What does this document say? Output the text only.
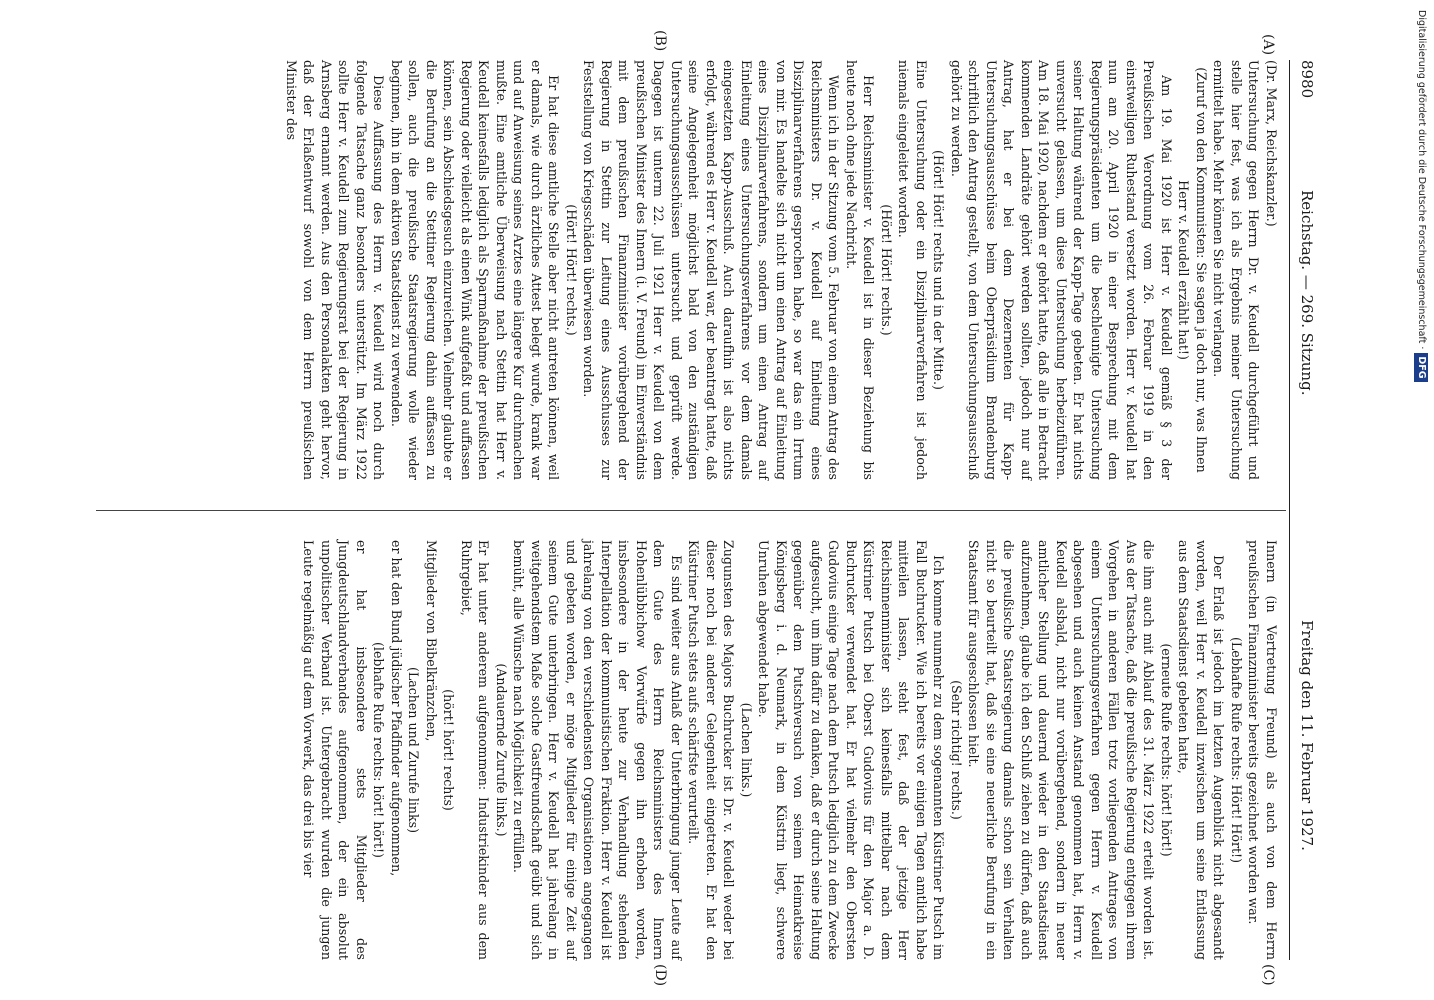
8980
Reichstag. — 269. Sitzung.
Freitag den 11. Februar 1927.
(A)
(B)
(C)
(D)

(Dr. Marx, Reichskanzler.)

Untersuchung gegen Herrn Dr. v. Keudell durchgeführt und stelle hier fest, was ich als Ergebnis meiner Untersuchung ermittelt habe. Mehr können Sie nicht verlangen.

(Zuruf von den Kommunisten: Sie sagen ja doch nur, was Ihnen Herr v. Keudell erzählt hat!)

Am 19. Mai 1920 ist Herr v. Keudell gemäß § 3 der Preußischen Verordnung vom 26. Februar 1919 in den einstweiligen Ruhestand versetzt worden. Herr v. Keudell hat nun am 20. April 1920 in einer Besprechung mit dem Regierungspräsidenten um die beschleunigte Untersuchung seiner Haltung während der Kapp-Tage gebeten. Er hat nichts unversucht gelassen, um diese Untersuchung herbeizuführen. Am 18. Mai 1920, nachdem er gehört hatte, daß alle in Betracht kommenden Landräte gehört werden sollten, jedoch nur auf Antrag, hat er bei dem Dezernenten für Kapp-Untersuchungsausschüsse beim Oberpräsidium Brandenburg schriftlich den Antrag gestellt, von dem Untersuchungsausschuß gehört zu werden.

(Hört! Hört! rechts und in der Mitte.)

Eine Untersuchung oder ein Disziplinarverfahren ist jedoch niemals eingeleitet worden.

(Hört! Hört! rechts.)

Herr Reichsminister v. Keudell ist in dieser Beziehung bis heute noch ohne jede Nachricht.

Wenn ich in der Sitzung vom 5. Februar von einem Antrag des Reichsministers Dr. v. Keudell auf Einleitung eines Disziplinarverfahrens gesprochen habe, so war das ein Irrtum von mir. Es handelte sich nicht um einen Antrag auf Einleitung eines Disziplinarverfahrens, sondern um einen Antrag auf Einleitung eines Untersuchungsverfahrens vor dem damals eingesetzten Kapp-Ausschuß. Auch daraufhin ist also nichts erfolgt, während es Herr v. Keudell war, der beantragt hatte, daß seine Angelegenheit möglichst bald von den zuständigen Untersuchungsausschüssen untersucht und geprüft werde. Dagegen ist unterm 22. Juli 1921 Herr v. Keudell von dem preußischen Minister des Innern (i. V. Freund) im Einverständnis mit dem preußischen Finanzminister vorübergehend der Regierung in Stettin zur Leitung eines Ausschusses zur Feststellung von Kriegsschäden überwiesen worden.

(Hört! Hört! rechts.)

Er hat diese amtliche Stelle aber nicht antreten können, weil er damals, wie durch ärztliches Attest belegt wurde, krank war und auf Anweisung seines Arztes eine längere Kur durchmachen mußte. Eine amtliche Überweisung nach Stettin hat Herr v. Keudell keinesfalls lediglich als Sparmaßnahme der preußischen Regierung oder vielleicht als einen Wink aufgefaßt und auffassen können, sein Abschiedsgesuch einzureichen. Vielmehr glaubte er die Berufung an die Stettiner Regierung dahin auffassen zu sollen, auch die preußische Staatsregierung wolle wieder beginnen, ihn in dem aktiven Staatsdienst zu verwenden.

Diese Auffassung des Herrn v. Keudell wird noch durch folgende Tatsache ganz besonders unterstützt. Im März 1922 sollte Herr v. Keudell zum Regierungsrat bei der Regierung in Arnsberg ernannt werden. Aus den Personalakten geht hervor, daß der Erlaßentwurf sowohl von dem Herrn preußischen Minister des

Innern (in Vertretung Freund) als auch von dem Herrn preußischen Finanzminister bereits gezeichnet worden war.

(Lebhafte Rufe rechts: Hört! Hört!)

Der Erlaß ist jedoch im letzten Augenblick nicht abgesandt worden, weil Herr v. Keudell inzwischen um seine Entlassung aus dem Staatsdienst gebeten hatte,

(erneute Rufe rechts: hört! hört!)

die ihm auch mit Ablauf des 31. März 1922 erteilt worden ist. Aus der Tatsache, daß die preußische Regierung entgegen ihrem Vorgehen in anderen Fällen trotz vorliegenden Antrages von einem Untersuchungsverfahren gegen Herrn v. Keudell abgesehen und auch keinen Anstand genommen hat, Herrn v. Keudell alsbald, nicht nur vorübergehend, sondern in neuer amtlicher Stellung und dauernd wieder in den Staatsdienst aufzunehmen, glaube ich den Schluß ziehen zu dürfen, daß auch die preußische Staatsregierung damals schon sein Verhalten nicht so beurteilt hat, daß sie eine neuerliche Berufung in ein Staatsamt für ausgeschlossen hielt.

(Sehr richtig! rechts.)

Ich komme nunmehr zu dem sogenannten Küstriner Putsch im Fall Buchrucker. Wie ich bereits vor einigen Tagen amtlich habe mitteilen lassen, steht fest, daß der jetzige Herr Reichsinnenminister sich keinesfalls mittelbar nach dem Küstriner Putsch bei Oberst Gudovius für den Major a. D. Buchrucker verwendet hat. Er hat vielmehr den Obersten Gudovius einige Tage nach dem Putsch lediglich zu dem Zwecke aufgesucht, um ihm dafür zu danken, daß er durch seine Haltung gegenüber dem Putschversuch von seinem Heimatkreise Königsberg i. d. Neumark, in dem Küstrin liegt, schwere Unruhen abgewendet habe.

(Lachen links.)

Zugunsten des Majors Buchrucker ist Dr. v. Keudell weder bei dieser noch bei anderer Gelegenheit eingetreten. Er hat den Küstriner Putsch stets aufs schärfste verurteilt.

Es sind weiter aus Anlaß der Unterbringung junger Leute auf dem Gute des Herrn Reichsministers des Innern Hohenlübbichow Vorwürfe gegen ihn erhoben worden, insbesondere in der heute zur Verhandlung stehenden Interpellation der kommunistischen Fraktion. Herr v. Keudell ist jahrelang von den verschiedensten Organisationen angegangen und gebeten worden, er möge Mitglieder für einige Zeit auf seinem Gute unterbringen. Herr v. Keudell hat jahrelang in weitgehendstem Maße solche Gastfreundschaft geübt und sich bemüht, alle Wünsche nach Möglichkeit zu erfüllen.

(Andauernde Zurufe links.)

Er hat unter anderem aufgenommen: Industriekinder aus dem Ruhrgebiet,

(hört! hört! rechts)

Mitglieder von Bibelkränzchen,

(Lachen und Zurufe links)

er hat den Bund jüdischer Pfadfinder aufgenommen,

(lebhafte Rufe rechts: hört! hört!)

er hat insbesondere stets Mitglieder des Jungdeutschlandverbandes aufgenommen, der ein absolut unpolitischer Verband ist. Untergebracht wurden die jungen Leute regelmäßig auf dem Vorwerk, das drei bis vier

Digitalisierung gefördert durch die Deutsche Forschungsgemeinschaft ·DFG
